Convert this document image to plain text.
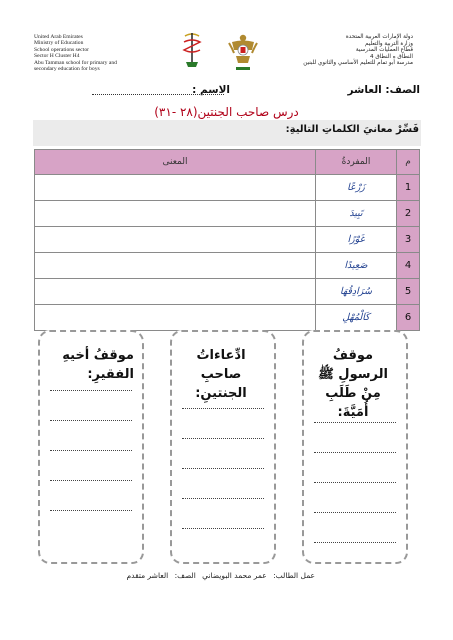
United Arab Emirates
Ministry of Education
School operations sector
Sector H Cluster H4
Abu Tamman school for primary and
secondary education for boys
دولة الإمارات العربية المتحدة
وزارة التربية والتعليم
قطاع العمليات المدرسية
النطاق ه النطاق 4
مدرسة أبو تمام للتعليم الأساسي والثانوي للبنين
الصف: العاشر
الاسم :
درس صاحب الجنتين(٢٨ -٣١)
فَسِّرْ معانيَ الكلماتِ التاليةِ:
م	المفردةُ	المعنى
1	زَرْعًا	
2	تَبِيدَ	
3	غَوْرًا	
4	صَعِيدًا	
5	سُرَادِقُهَا	
6	كَالْمُهْلِ	
موقفُ أخيهِ الفقيرِ:
ادِّعاءاتُ صاحبِ الجنتينِ:
موقفُ الرسولِ ﷺ مِنْ طَلَبِ أُمَيَّةَ:
عمل الطالب: عمر محمد البويضاني الصف: العاشر متقدم
